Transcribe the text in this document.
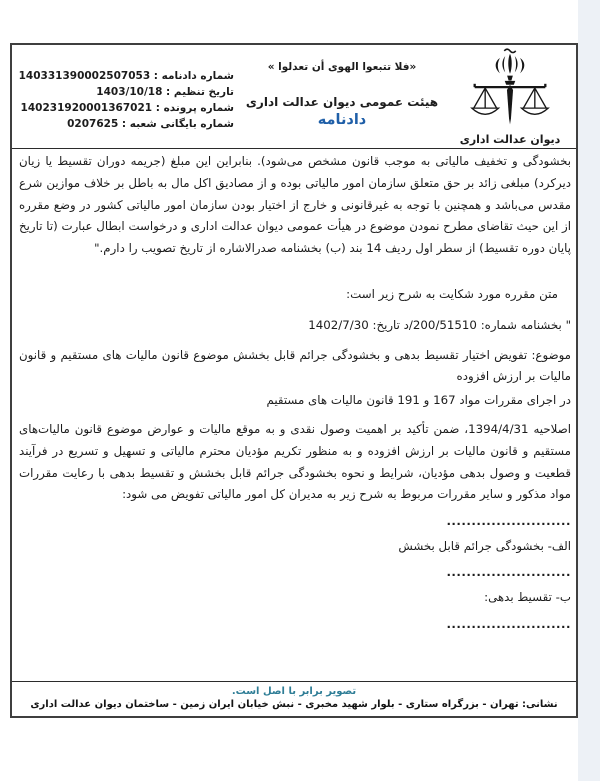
دیوان عدالت اداری
«فلا تتبعوا الهوی أن تعدلوا »
هیئت عمومی دیوان عدالت اداری
دادنامه
شماره دادنامه : 140331390002507053
تاریخ تنظیم : 1403/10/18
شماره پرونده : 140231920001367021
شماره بایگانی شعبه : 0207625
بخشودگی و تخفیف مالیاتی به موجب قانون مشخص می‌شود). بنابراین این مبلغ (جریمه دوران تقسیط یا زیان دیرکرد) مبلغی زائد بر حق متعلق سازمان امور مالیاتی بوده و از مصادیق اکل مال به باطل بر خلاف موازین شرع مقدس می‌باشد و همچنین با توجه به غیرقانونی و خارج از اختیار بودن سازمان امور مالیاتی کشور در وضع مقرره از این حیث تقاضای مطرح نمودن موضوع در هیأت عمومی دیوان عدالت اداری و درخواست ابطال عبارت (تا تاریخ پایان دوره تقسیط) از سطر اول ردیف 14 بند (ب) بخشنامه صدرالاشاره از تاریخ تصویب را دارم."
متن مقرره مورد شکایت به شرح زیر است:
" بخشنامه شماره: 200/51510/د تاریخ: 1402/7/30
موضوع: تفویض اختیار تقسیط بدهی و بخشودگی جرائم قابل بخشش موضوع قانون مالیات های مستقیم و قانون مالیات بر ارزش افزوده
در اجرای مقررات مواد 167 و 191 قانون مالیات های مستقیم
اصلاحیه 1394/4/31، ضمن تأکید بر اهمیت وصول نقدی و به موقع مالیات و عوارض موضوع قانون مالیات‌های مستقیم و قانون مالیات بر ارزش افزوده و به منظور تکریم مؤدیان محترم مالیاتی و تسهیل و تسریع در فرآیند قطعیت و وصول بدهی مؤدیان، شرایط و نحوه بخشودگی جرائم قابل بخشش و تقسیط بدهی با رعایت مقررات مواد مذکور و سایر مقررات مربوط به شرح زیر به مدیران کل امور مالیاتی تفویض می شود:
.........................
الف- بخشودگی جرائم قابل بخشش
.........................
ب- تقسیط بدهی:
.........................
تصویر برابر با اصل است.
نشانی: تهران - بزرگراه ستاری - بلوار شهید مخبری - نبش خیابان ایران زمین - ساختمان دیوان عدالت اداری
